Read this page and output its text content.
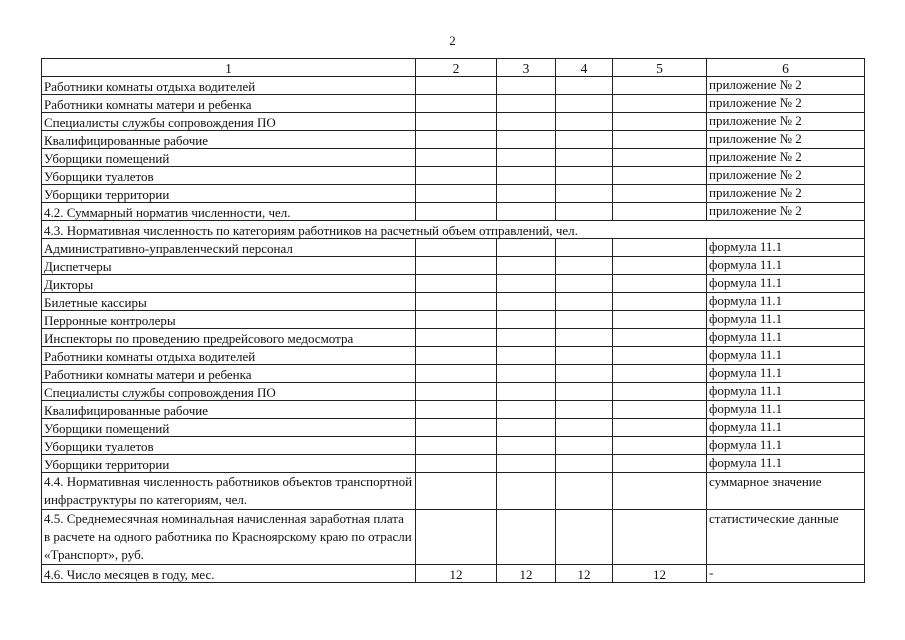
2
1	2	3	4	5	6
Работники комнаты отдыха водителей					приложение № 2
Работники комнаты матери и ребенка					приложение № 2
Специалисты службы сопровождения ПО					приложение № 2
Квалифицированные рабочие					приложение № 2
Уборщики помещений					приложение № 2
Уборщики туалетов					приложение № 2
Уборщики территории					приложение № 2
4.2. Суммарный норматив численности, чел.					приложение № 2
4.3. Нормативная численность по категориям работников на расчетный объем отправлений, чел.					
Административно-управленческий персонал					формула 11.1
Диспетчеры					формула 11.1
Дикторы					формула 11.1
Билетные кассиры					формула 11.1
Перронные контролеры					формула 11.1
Инспекторы по проведению предрейсового медосмотра					формула 11.1
Работники комнаты отдыха водителей					формула 11.1
Работники комнаты матери и ребенка					формула 11.1
Специалисты службы сопровождения ПО					формула 11.1
Квалифицированные рабочие					формула 11.1
Уборщики помещений					формула 11.1
Уборщики туалетов					формула 11.1
Уборщики территории					формула 11.1
4.4. Нормативная численность работников объектов транспортной инфраструктуры по категориям, чел.					суммарное значение
4.5. Среднемесячная номинальная начисленная заработная плата в расчете на одного работника по Красноярскому краю по отрасли «Транспорт», руб.					статистические данные
4.6. Число месяцев в году, мес.	12	12	12	12	-
